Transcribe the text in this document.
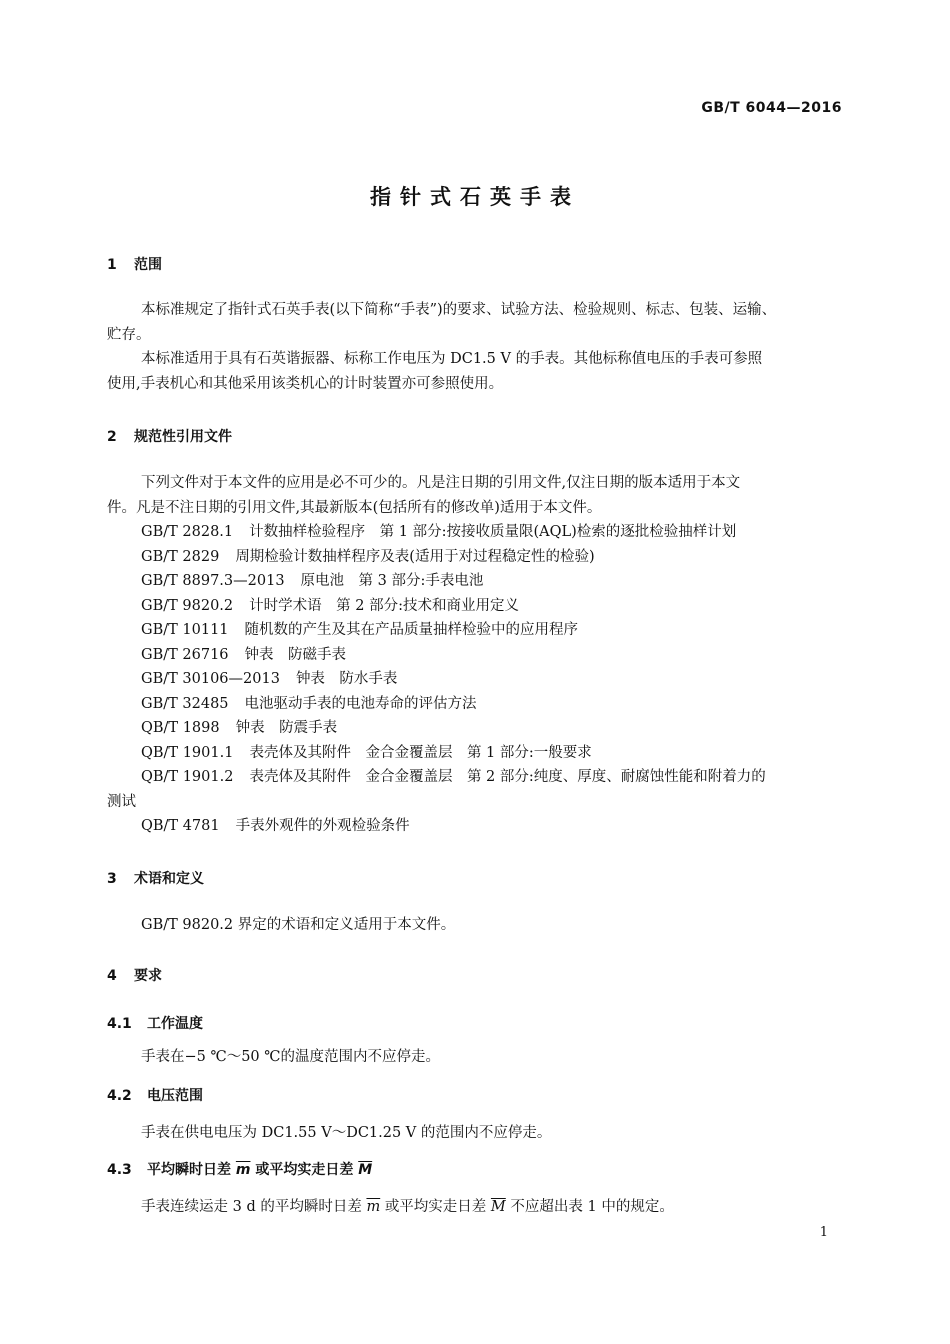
GB/T 6044—2016
指针式石英手表
1 范围
本标准规定了指针式石英手表(以下简称“手表”)的要求、试验方法、检验规则、标志、包装、运输、
贮存。
本标准适用于具有石英谐振器、标称工作电压为 DC1.5 V 的手表。其他标称值电压的手表可参照
使用,手表机心和其他采用该类机心的计时装置亦可参照使用。
2 规范性引用文件
下列文件对于本文件的应用是必不可少的。凡是注日期的引用文件,仅注日期的版本适用于本文
件。凡是不注日期的引用文件,其最新版本(包括所有的修改单)适用于本文件。
GB/T 2828.1 计数抽样检验程序　第 1 部分:按接收质量限(AQL)检索的逐批检验抽样计划
GB/T 2829 周期检验计数抽样程序及表(适用于对过程稳定性的检验)
GB/T 8897.3—2013 原电池　第 3 部分:手表电池
GB/T 9820.2 计时学术语　第 2 部分:技术和商业用定义
GB/T 10111 随机数的产生及其在产品质量抽样检验中的应用程序
GB/T 26716 钟表　防磁手表
GB/T 30106—2013 钟表　防水手表
GB/T 32485 电池驱动手表的电池寿命的评估方法
QB/T 1898 钟表　防震手表
QB/T 1901.1 表壳体及其附件　金合金覆盖层　第 1 部分:一般要求
QB/T 1901.2 表壳体及其附件　金合金覆盖层　第 2 部分:纯度、厚度、耐腐蚀性能和附着力的
测试
QB/T 4781 手表外观件的外观检验条件
3 术语和定义
GB/T 9820.2 界定的术语和定义适用于本文件。
4 要求
4.1 工作温度
手表在−5 ℃～50 ℃的温度范围内不应停走。
4.2 电压范围
手表在供电电压为 DC1.55 V～DC1.25 V 的范围内不应停走。
4.3 平均瞬时日差 $\overline{m}$ 或平均实走日差 $\overline{M}$
手表连续运走 3 d 的平均瞬时日差 $\overline{m}$ 或平均实走日差 $\overline{M}$ 不应超出表 1 中的规定。
1
